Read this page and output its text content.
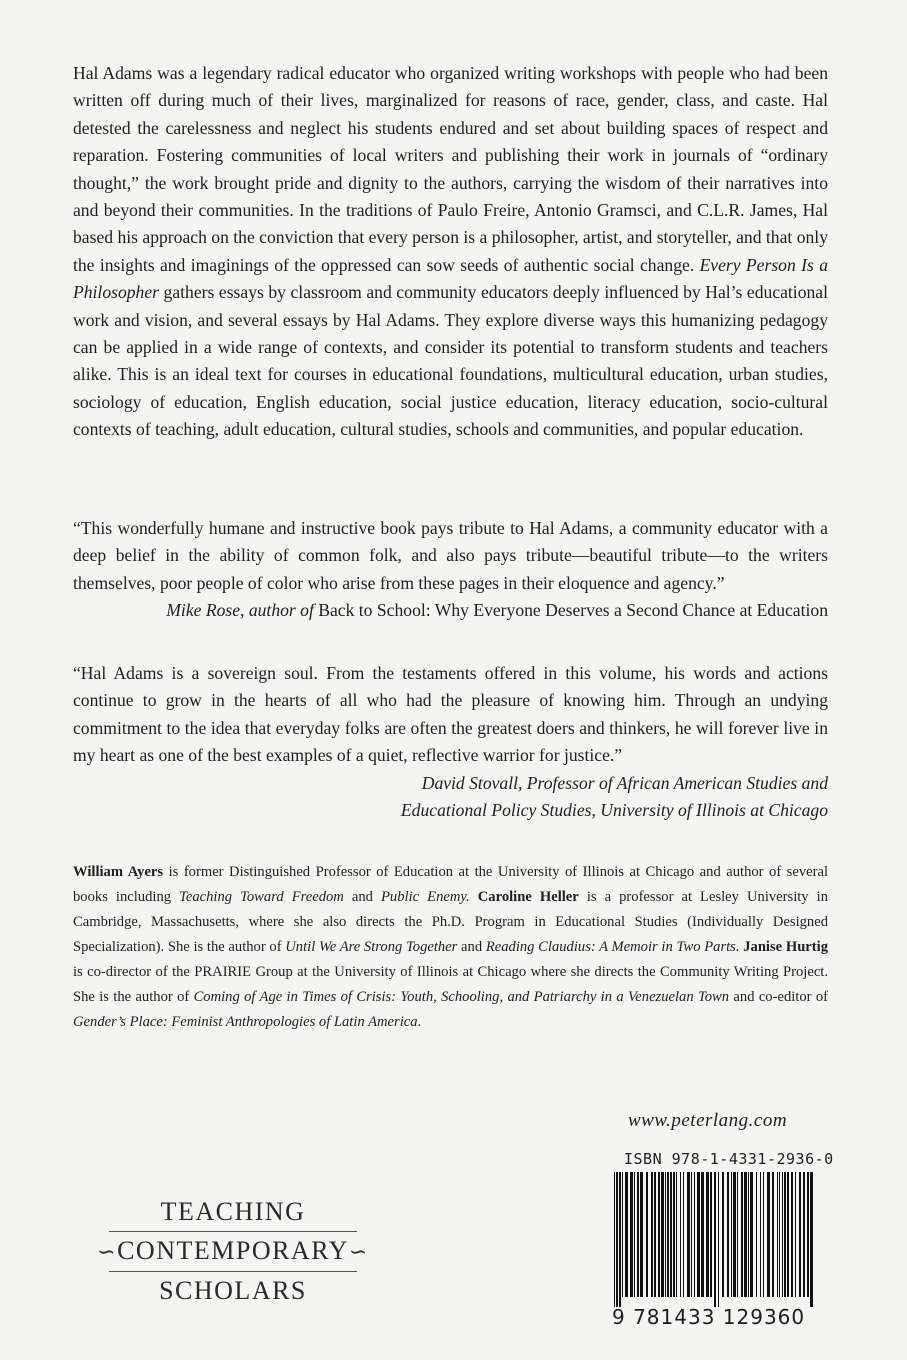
Hal Adams was a legendary radical educator who organized writing workshops with people who had been written off during much of their lives, marginalized for reasons of race, gender, class, and caste. Hal detested the carelessness and neglect his students endured and set about building spaces of respect and reparation. Fostering communities of local writers and publishing their work in journals of “ordinary thought,” the work brought pride and dignity to the authors, carrying the wisdom of their narratives into and beyond their communities. In the traditions of Paulo Freire, Antonio Gramsci, and C.L.R. James, Hal based his approach on the conviction that every person is a philosopher, artist, and storyteller, and that only the insights and imaginings of the oppressed can sow seeds of authentic social change. Every Person Is a Philosopher gathers essays by classroom and community educators deeply influenced by Hal’s educational work and vision, and several essays by Hal Adams. They explore diverse ways this humanizing pedagogy can be applied in a wide range of contexts, and consider its potential to transform students and teachers alike. This is an ideal text for courses in educational foundations, multicultural education, urban studies, sociology of education, English education, social justice education, literacy education, socio-cultural contexts of teaching, adult education, cultural studies, schools and communities, and popular education.
“This wonderfully humane and instructive book pays tribute to Hal Adams, a community educator with a deep belief in the ability of common folk, and also pays tribute—beautiful tribute—to the writers themselves, poor people of color who arise from these pages in their eloquence and agency.”
Mike Rose, author of Back to School: Why Everyone Deserves a Second Chance at Education
“Hal Adams is a sovereign soul. From the testaments offered in this volume, his words and actions continue to grow in the hearts of all who had the pleasure of knowing him. Through an undying commitment to the idea that everyday folks are often the greatest doers and thinkers, he will forever live in my heart as one of the best examples of a quiet, reflective warrior for justice.”
David Stovall, Professor of African American Studies and
Educational Policy Studies, University of Illinois at Chicago
William Ayers is former Distinguished Professor of Education at the University of Illinois at Chicago and author of several books including Teaching Toward Freedom and Public Enemy. Caroline Heller is a professor at Lesley University in Cambridge, Massachusetts, where she also directs the Ph.D. Program in Educational Studies (Individually Designed Specialization). She is the author of Until We Are Strong Together and Reading Claudius: A Memoir in Two Parts. Janise Hurtig is co-director of the PRAIRIE Group at the University of Illinois at Chicago where she directs the Community Writing Project. She is the author of Coming of Age in Times of Crisis: Youth, Schooling, and Patriarchy in a Venezuelan Town and co-editor of Gender’s Place: Feminist Anthropologies of Latin America.
www.peterlang.com
ISBN 978-1-4331-2936-0
9 781433 129360
TEACHING
∽CONTEMPORARY∽
SCHOLARS
